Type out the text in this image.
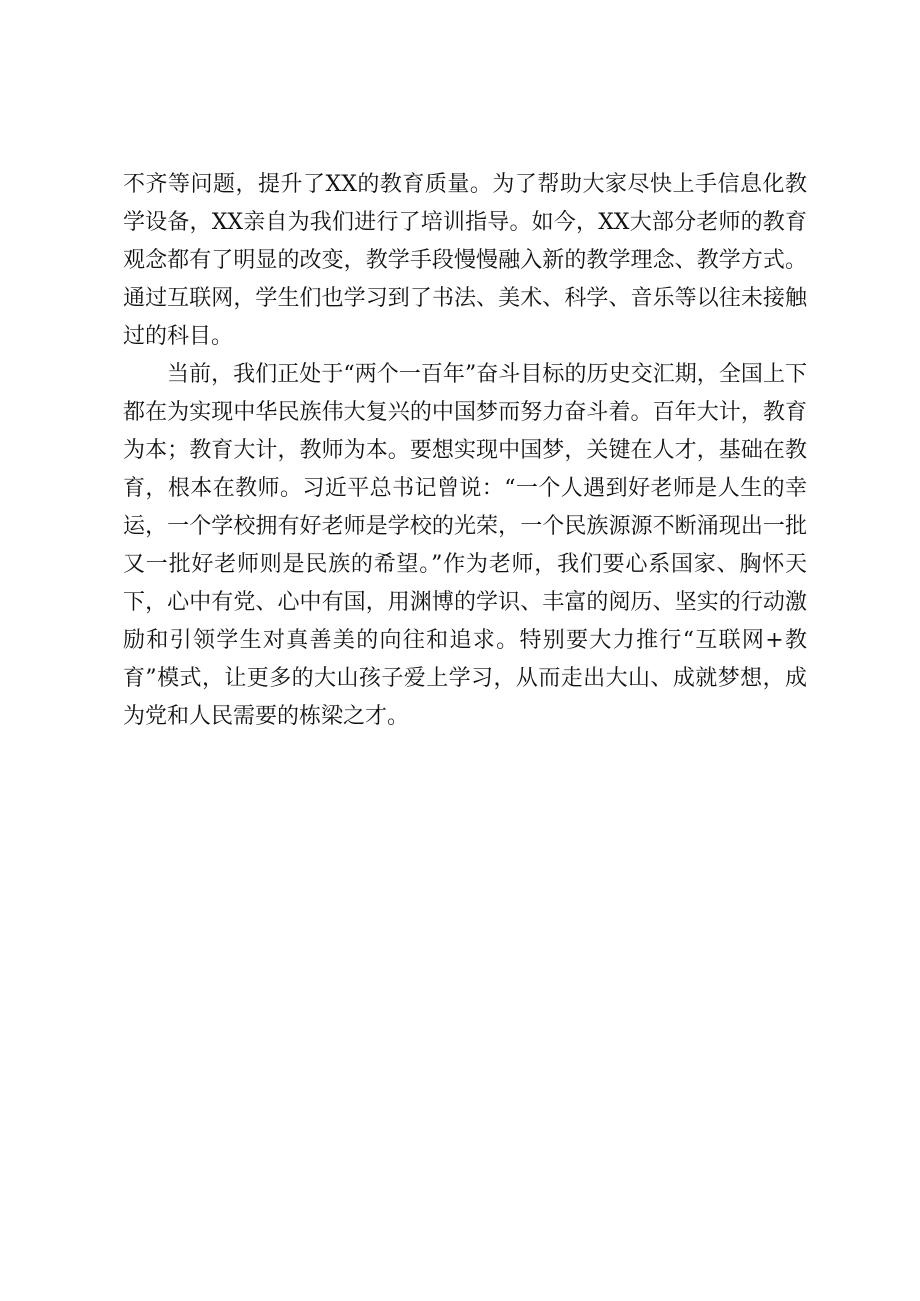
不齐等问题，提升了XX的教育质量。为了帮助大家尽快上手信息化教学设备，XX亲自为我们进行了培训指导。如今，XX大部分老师的教育观念都有了明显的改变，教学手段慢慢融入新的教学理念、教学方式。通过互联网，学生们也学习到了书法、美术、科学、音乐等以往未接触过的科目。

当前，我们正处于“两个一百年”奋斗目标的历史交汇期，全国上下都在为实现中华民族伟大复兴的中国梦而努力奋斗着。百年大计，教育为本；教育大计，教师为本。要想实现中国梦，关键在人才，基础在教育，根本在教师。习近平总书记曾说：“一个人遇到好老师是人生的幸运，一个学校拥有好老师是学校的光荣，一个民族源源不断涌现出一批又一批好老师则是民族的希望。”作为老师，我们要心系国家、胸怀天下，心中有党、心中有国，用渊博的学识、丰富的阅历、坚实的行动激励和引领学生对真善美的向往和追求。特别要大力推行“互联网+教育”模式，让更多的大山孩子爱上学习，从而走出大山、成就梦想，成为党和人民需要的栋梁之才。
